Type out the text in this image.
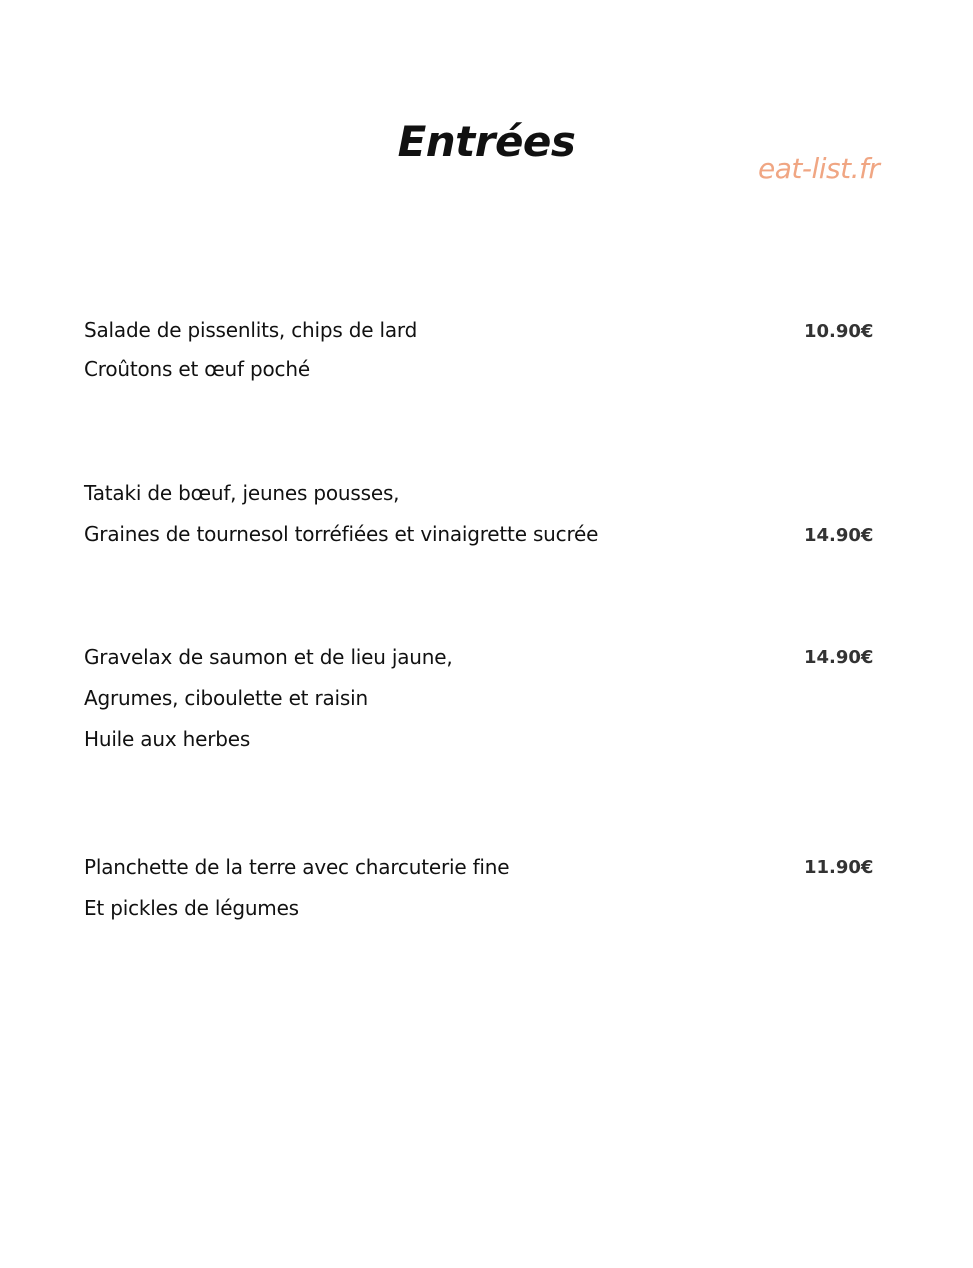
Entrées
eat-list.fr
Salade de pissenlits, chips de lard
Croûtons et œuf poché
10.90€
Tataki de bœuf, jeunes pousses,
Graines de tournesol torréfiées et vinaigrette sucrée	14.90€
Gravelax de saumon et de lieu jaune,
Agrumes, ciboulette et raisin
Huile aux herbes
14.90€
Planchette de la terre avec charcuterie fine
Et pickles de légumes
11.90€
